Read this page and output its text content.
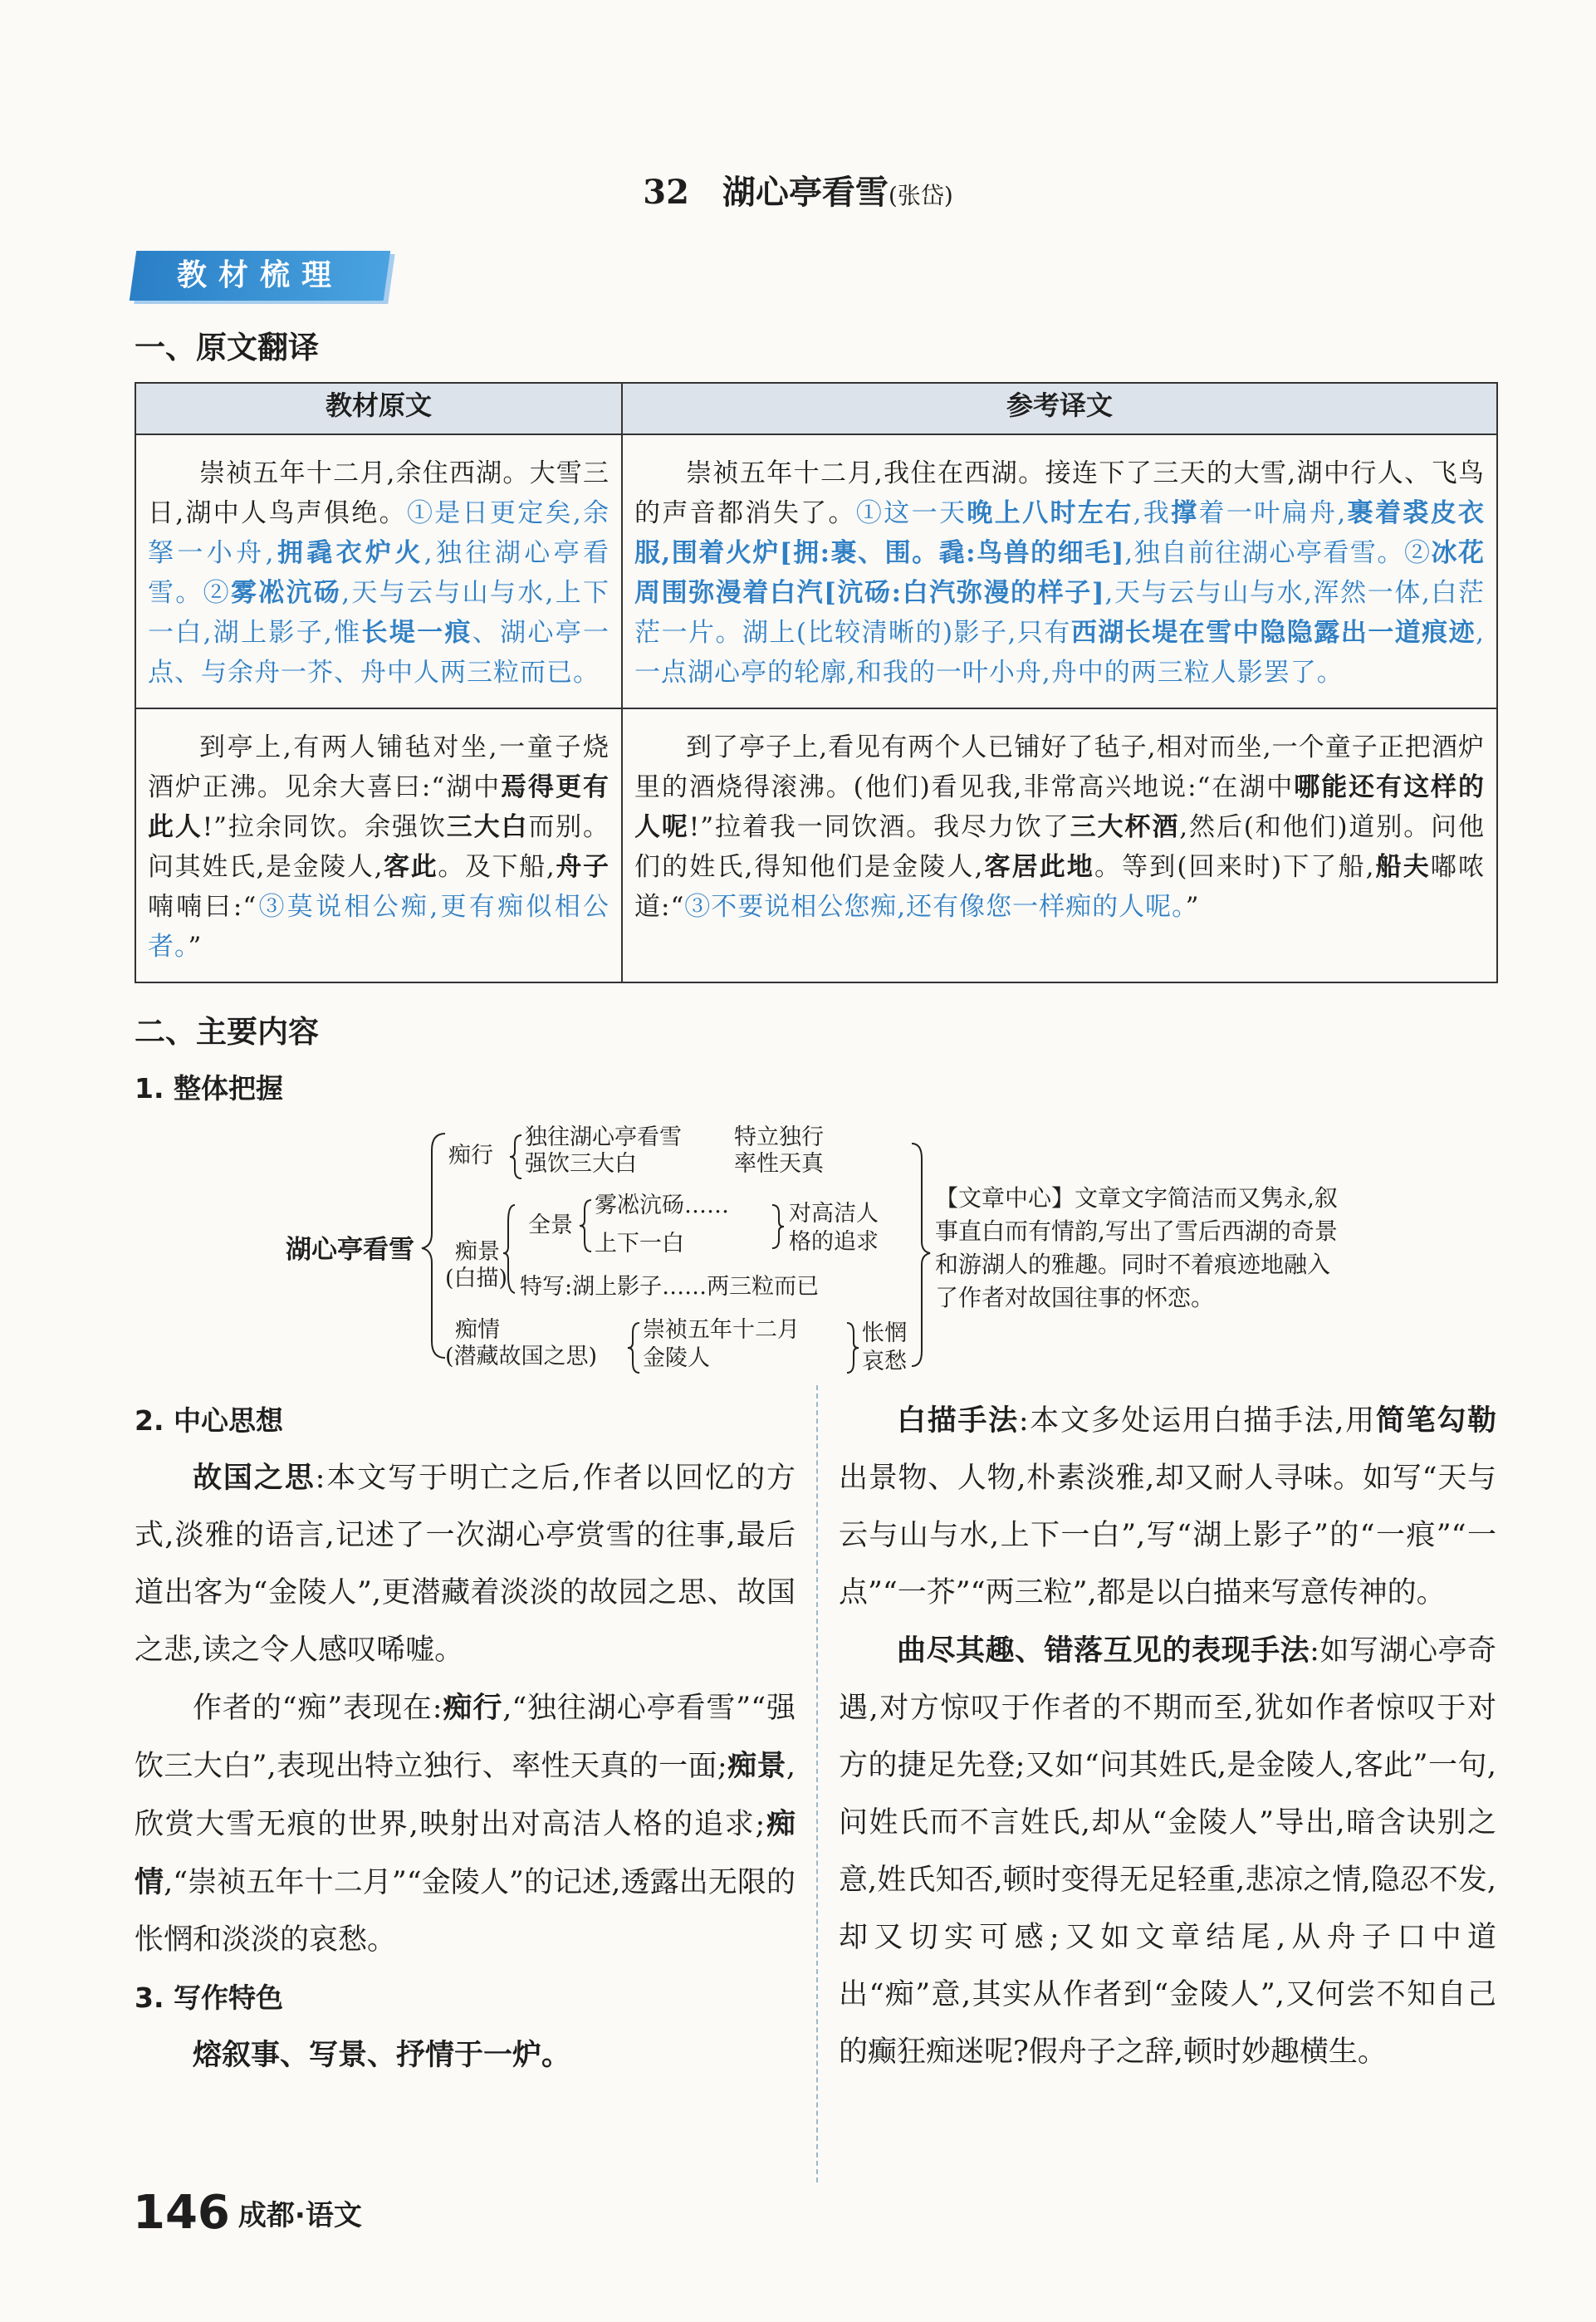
32 湖心亭看雪(张岱)
教材梳理
一、原文翻译
教材原文	参考译文

崇祯五年十二月,余住西湖。大雪三日,湖中人鸟声俱绝。①是日更定矣,余拏一小舟,拥毳衣炉火,独往湖心亭看雪。②雾凇沆砀,天与云与山与水,上下一白,湖上影子,惟长堤一痕、湖心亭一点、与余舟一芥、舟中人两三粒而已。	崇祯五年十二月,我住在西湖。接连下了三天的大雪,湖中行人、飞鸟的声音都消失了。①这一天晚上八时左右,我撑着一叶扁舟,裹着裘皮衣服,围着火炉[拥:裹、围。毳:鸟兽的细毛],独自前往湖心亭看雪。②冰花周围弥漫着白汽[沆砀:白汽弥漫的样子],天与云与山与水,浑然一体,白茫茫一片。湖上(比较清晰的)影子,只有西湖长堤在雪中隐隐露出一道痕迹,一点湖心亭的轮廓,和我的一叶小舟,舟中的两三粒人影罢了。

到亭上,有两人铺毡对坐,一童子烧酒炉正沸。见余大喜曰:“湖中焉得更有此人!”拉余同饮。余强饮三大白而别。问其姓氏,是金陵人,客此。及下船,舟子喃喃曰:“③莫说相公痴,更有痴似相公者。”	到了亭子上,看见有两个人已铺好了毡子,相对而坐,一个童子正把酒炉里的酒烧得滚沸。(他们)看见我,非常高兴地说:“在湖中哪能还有这样的人呢!”拉着我一同饮酒。我尽力饮了三大杯酒,然后(和他们)道别。问他们的姓氏,得知他们是金陵人,客居此地。等到(回来时)下了船,船夫嘟哝道:“③不要说相公您痴,还有像您一样痴的人呢。”
二、主要内容
1. 整体把握
湖心亭看雪
痴行
独往湖心亭看雪
强饮三大白
特立独行
率性天真
痴景
(白描)
全景
雾凇沆砀……
上下一白
对高洁人
格的追求
特写:湖上影子……两三粒而已
痴情
(潜藏故国之思)
崇祯五年十二月
金陵人
怅惘
哀愁
【文章中心】文章文字简洁而又隽永,叙事直白而有情韵,写出了雪后西湖的奇景和游湖人的雅趣。同时不着痕迹地融入了作者对故国往事的怀恋。

2. 中心思想

故国之思:本文写于明亡之后,作者以回忆的方式,淡雅的语言,记述了一次湖心亭赏雪的往事,最后道出客为“金陵人”,更潜藏着淡淡的故园之思、故国之悲,读之令人感叹唏嘘。

作者的“痴”表现在:痴行,“独往湖心亭看雪”“强饮三大白”,表现出特立独行、率性天真的一面;痴景,欣赏大雪无痕的世界,映射出对高洁人格的追求;痴情,“崇祯五年十二月”“金陵人”的记述,透露出无限的怅惘和淡淡的哀愁。

3. 写作特色

熔叙事、写景、抒情于一炉。

白描手法:本文多处运用白描手法,用简笔勾勒出景物、人物,朴素淡雅,却又耐人寻味。如写“天与云与山与水,上下一白”,写“湖上影子”的“一痕”“一点”“一芥”“两三粒”,都是以白描来写意传神的。

曲尽其趣、错落互见的表现手法:如写湖心亭奇遇,对方惊叹于作者的不期而至,犹如作者惊叹于对方的捷足先登;又如“问其姓氏,是金陵人,客此”一句,问姓氏而不言姓氏,却从“金陵人”导出,暗含诀别之意,姓氏知否,顿时变得无足轻重,悲凉之情,隐忍不发,却又切实可感;又如文章结尾,从舟子口中道出“痴”意,其实从作者到“金陵人”,又何尝不知自己的癫狂痴迷呢?假舟子之辞,顿时妙趣横生。

146 成都·语文
